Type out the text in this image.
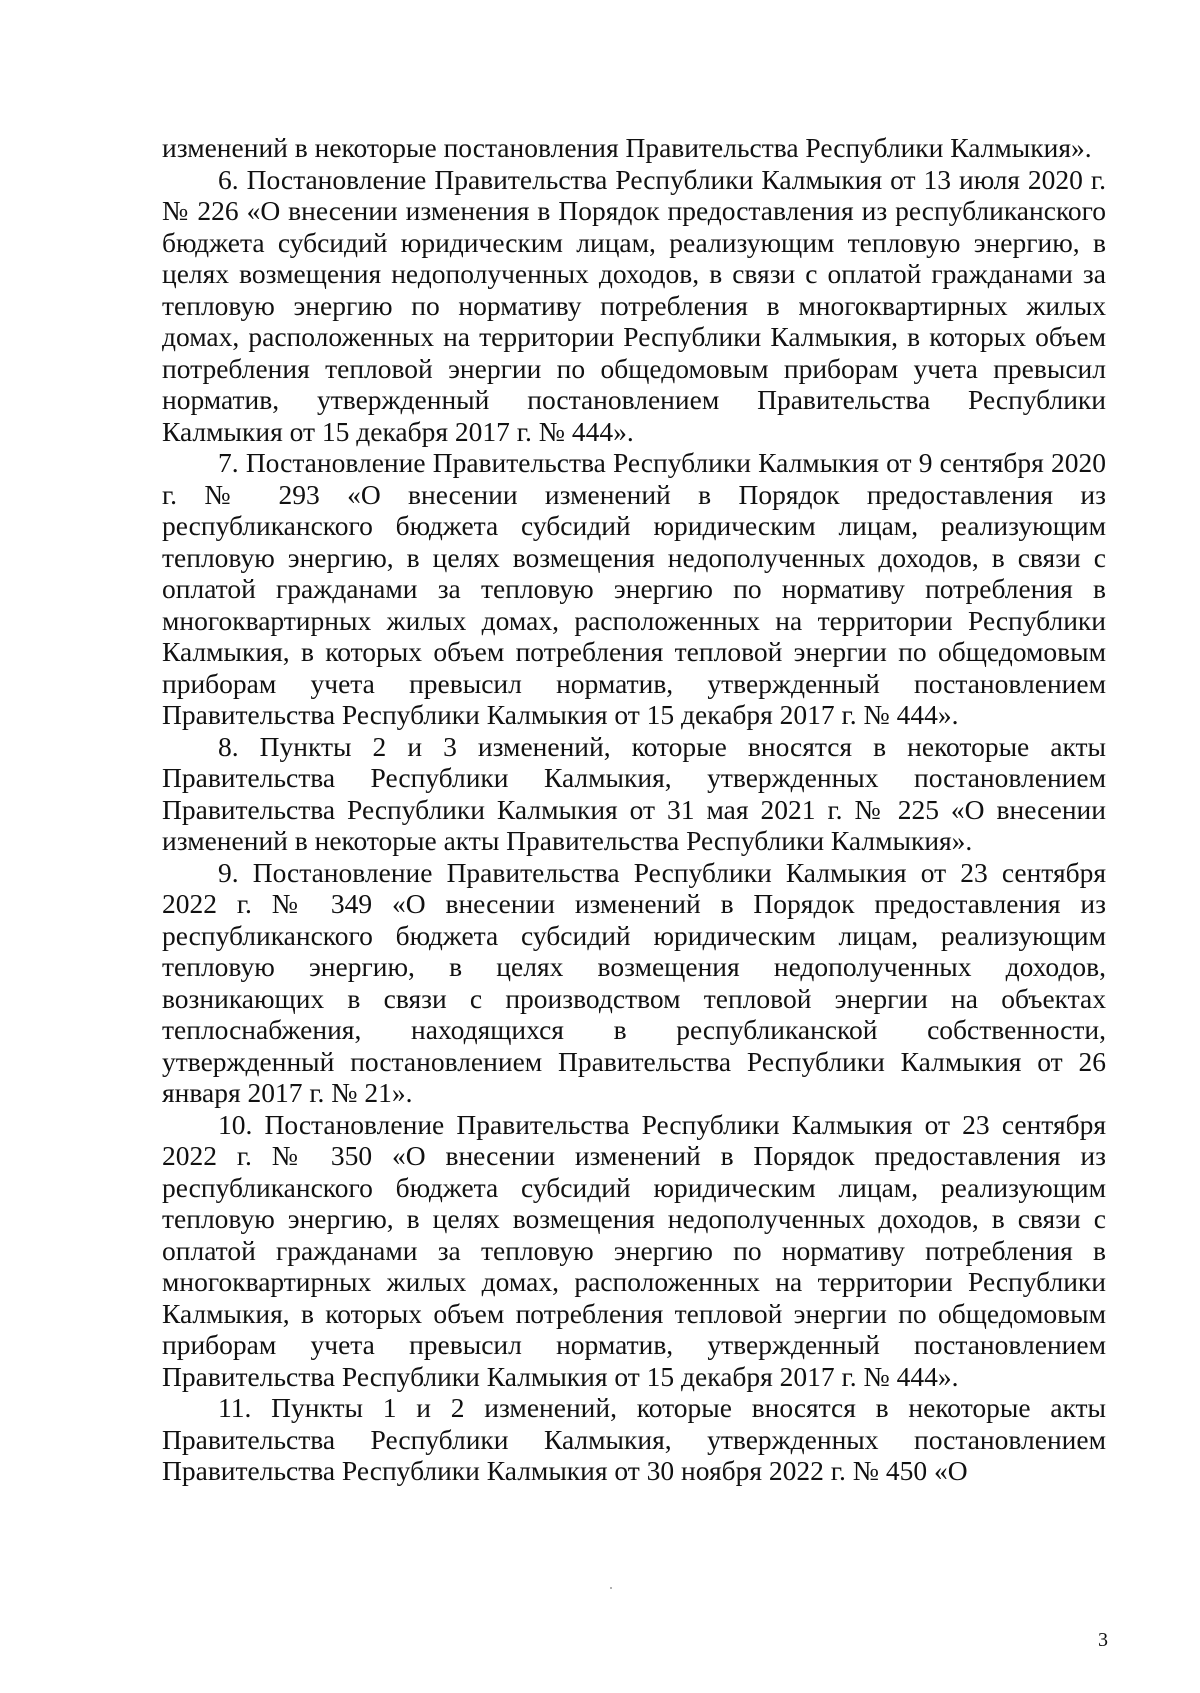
изменений в некоторые постановления Правительства Республики Калмыкия».

6. Постановление Правительства Республики Калмыкия от 13 июля 2020 г. № 226 «О внесении изменения в Порядок предоставления из республиканского бюджета субсидий юридическим лицам, реализующим тепловую энергию, в целях возмещения недополученных доходов, в связи с оплатой гражданами за тепловую энергию по нормативу потребления в многоквартирных жилых домах, расположенных на территории Республики Калмыкия, в которых объем потребления тепловой энергии по общедомовым приборам учета превысил норматив, утвержденный постановлением Правительства Республики Калмыкия от 15 декабря 2017 г. № 444».

7. Постановление Правительства Республики Калмыкия от 9 сентября 2020 г. № 293 «О внесении изменений в Порядок предоставления из республиканского бюджета субсидий юридическим лицам, реализующим тепловую энергию, в целях возмещения недополученных доходов, в связи с оплатой гражданами за тепловую энергию по нормативу потребления в многоквартирных жилых домах, расположенных на территории Республики Калмыкия, в которых объем потребления тепловой энергии по общедомовым приборам учета превысил норматив, утвержденный постановлением Правительства Республики Калмыкия от 15 декабря 2017 г. № 444».

8. Пункты 2 и 3 изменений, которые вносятся в некоторые акты Правительства Республики Калмыкия, утвержденных постановлением Правительства Республики Калмыкия от 31 мая 2021 г. № 225 «О внесении изменений в некоторые акты Правительства Республики Калмыкия».

9. Постановление Правительства Республики Калмыкия от 23 сентября 2022 г. № 349 «О внесении изменений в Порядок предоставления из республиканского бюджета субсидий юридическим лицам, реализующим тепловую энергию, в целях возмещения недополученных доходов, возникающих в связи с производством тепловой энергии на объектах теплоснабжения, находящихся в республиканской собственности, утвержденный постановлением Правительства Республики Калмыкия от 26 января 2017 г. № 21».

10. Постановление Правительства Республики Калмыкия от 23 сентября 2022 г. № 350 «О внесении изменений в Порядок предоставления из республиканского бюджета субсидий юридическим лицам, реализующим тепловую энергию, в целях возмещения недополученных доходов, в связи с оплатой гражданами за тепловую энергию по нормативу потребления в многоквартирных жилых домах, расположенных на территории Республики Калмыкия, в которых объем потребления тепловой энергии по общедомовым приборам учета превысил норматив, утвержденный постановлением Правительства Республики Калмыкия от 15 декабря 2017 г. № 444».

11. Пункты 1 и 2 изменений, которые вносятся в некоторые акты Правительства Республики Калмыкия, утвержденных постановлением Правительства Республики Калмыкия от 30 ноября 2022 г. № 450 «О

3
